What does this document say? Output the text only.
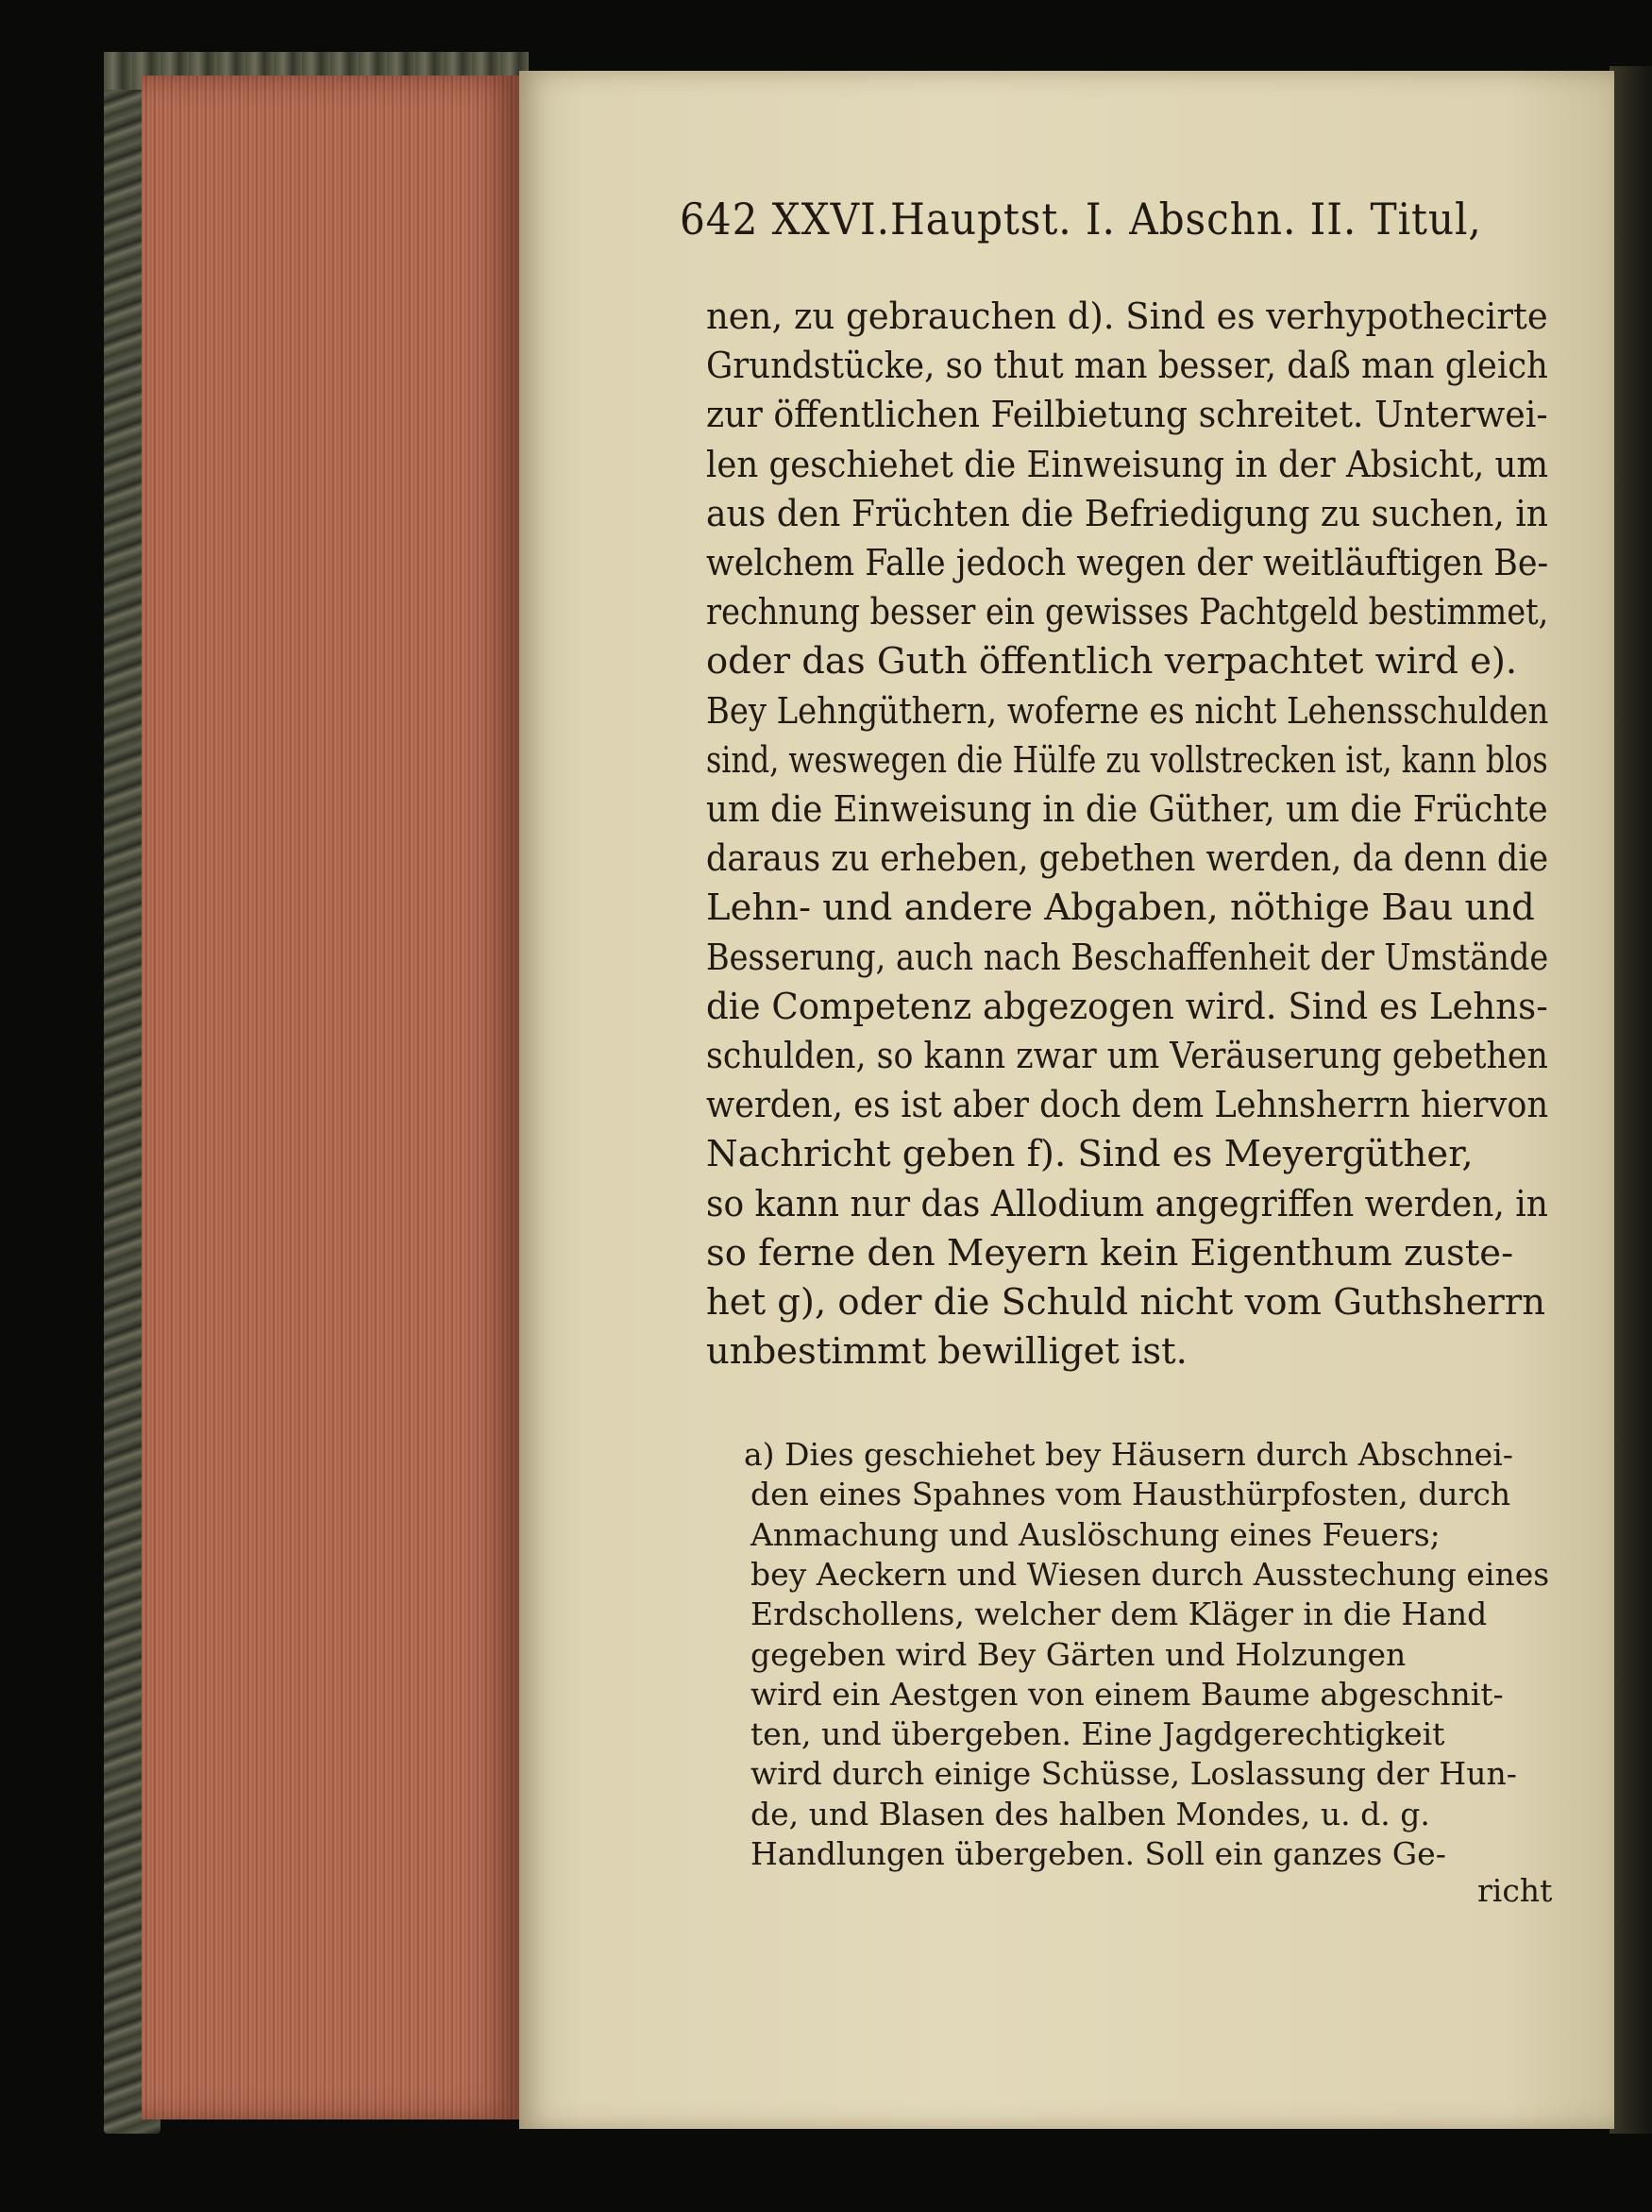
642 XXVI.Hauptst. I. Abschn. II. Titul,
nen, zu gebrauchen d). Sind es verhypothecirte
Grundstücke, so thut man besser, daß man gleich
zur öffentlichen Feilbietung schreitet. Unterwei-
len geschiehet die Einweisung in der Absicht, um
aus den Früchten die Befriedigung zu suchen, in
welchem Falle jedoch wegen der weitläuftigen Be-
rechnung besser ein gewisses Pachtgeld bestimmet,
oder das Guth öffentlich verpachtet wird e).
Bey Lehngüthern, woferne es nicht Lehensschulden
sind, weswegen die Hülfe zu vollstrecken ist, kann blos
um die Einweisung in die Güther, um die Früchte
daraus zu erheben, gebethen werden, da denn die
Lehn- und andere Abgaben, nöthige Bau und
Besserung, auch nach Beschaffenheit der Umstände
die Competenz abgezogen wird. Sind es Lehns-
schulden, so kann zwar um Veräuserung gebethen
werden, es ist aber doch dem Lehnsherrn hiervon
Nachricht geben f). Sind es Meyergüther,
so kann nur das Allodium angegriffen werden, in
so ferne den Meyern kein Eigenthum zuste-
het g), oder die Schuld nicht vom Guthsherrn
unbestimmt bewilliget ist.
a) Dies geschiehet bey Häusern durch Abschnei-
den eines Spahnes vom Hausthürpfosten, durch
Anmachung und Auslöschung eines Feuers;
bey Aeckern und Wiesen durch Ausstechung eines
Erdschollens, welcher dem Kläger in die Hand
gegeben wird Bey Gärten und Holzungen
wird ein Aestgen von einem Baume abgeschnit-
ten, und übergeben. Eine Jagdgerechtigkeit
wird durch einige Schüsse, Loslassung der Hun-
de, und Blasen des halben Mondes, u. d. g.
Handlungen übergeben. Soll ein ganzes Ge-
richt
